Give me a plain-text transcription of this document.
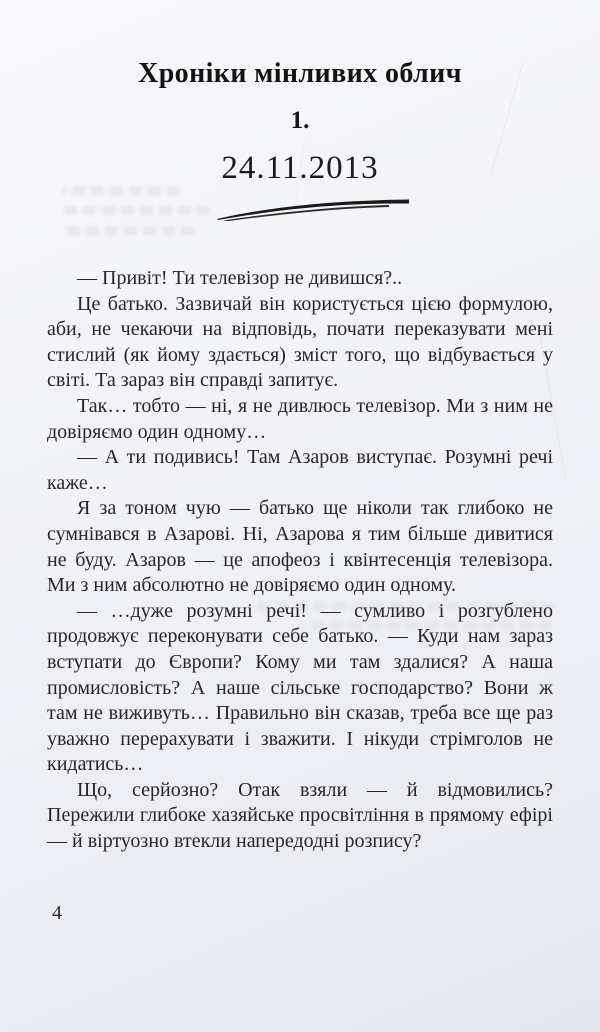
Хроніки мінливих облич
1.
24.11.2013

— Привіт! Ти телевізор не дивишся?..

Це батько. Зазвичай він користується цією формулою, аби, не чекаючи на відповідь, почати переказувати мені стислий (як йому здається) зміст того, що відбувається у світі. Та зараз він справді запитує.

Так… тобто — ні, я не дивлюсь телевізор. Ми з ним не довіряємо один одному…

— А ти подивись! Там Азаров виступає. Розумні речі каже…

Я за тоном чую — батько ще ніколи так глибоко не сумнівався в Азарові. Ні, Азарова я тим більше дивитися не буду. Азаров — це апофеоз і квінтесенція телевізора. Ми з ним абсолютно не довіряємо один одному.

— …дуже розумні речі! — сумливо і розгублено продовжує переконувати себе батько. — Куди нам зараз вступати до Європи? Кому ми там здалися? А наша промисловість? А наше сільське господарство? Вони ж там не виживуть… Правильно він сказав, треба все ще раз уважно перерахувати і зважити. І нікуди стрімголов не кидатись…

Що, серйозно? Отак взяли — й відмовились? Пережили глибоке хазяйське просвітління в прямому ефірі — й віртуозно втекли напередодні розпису?

4
